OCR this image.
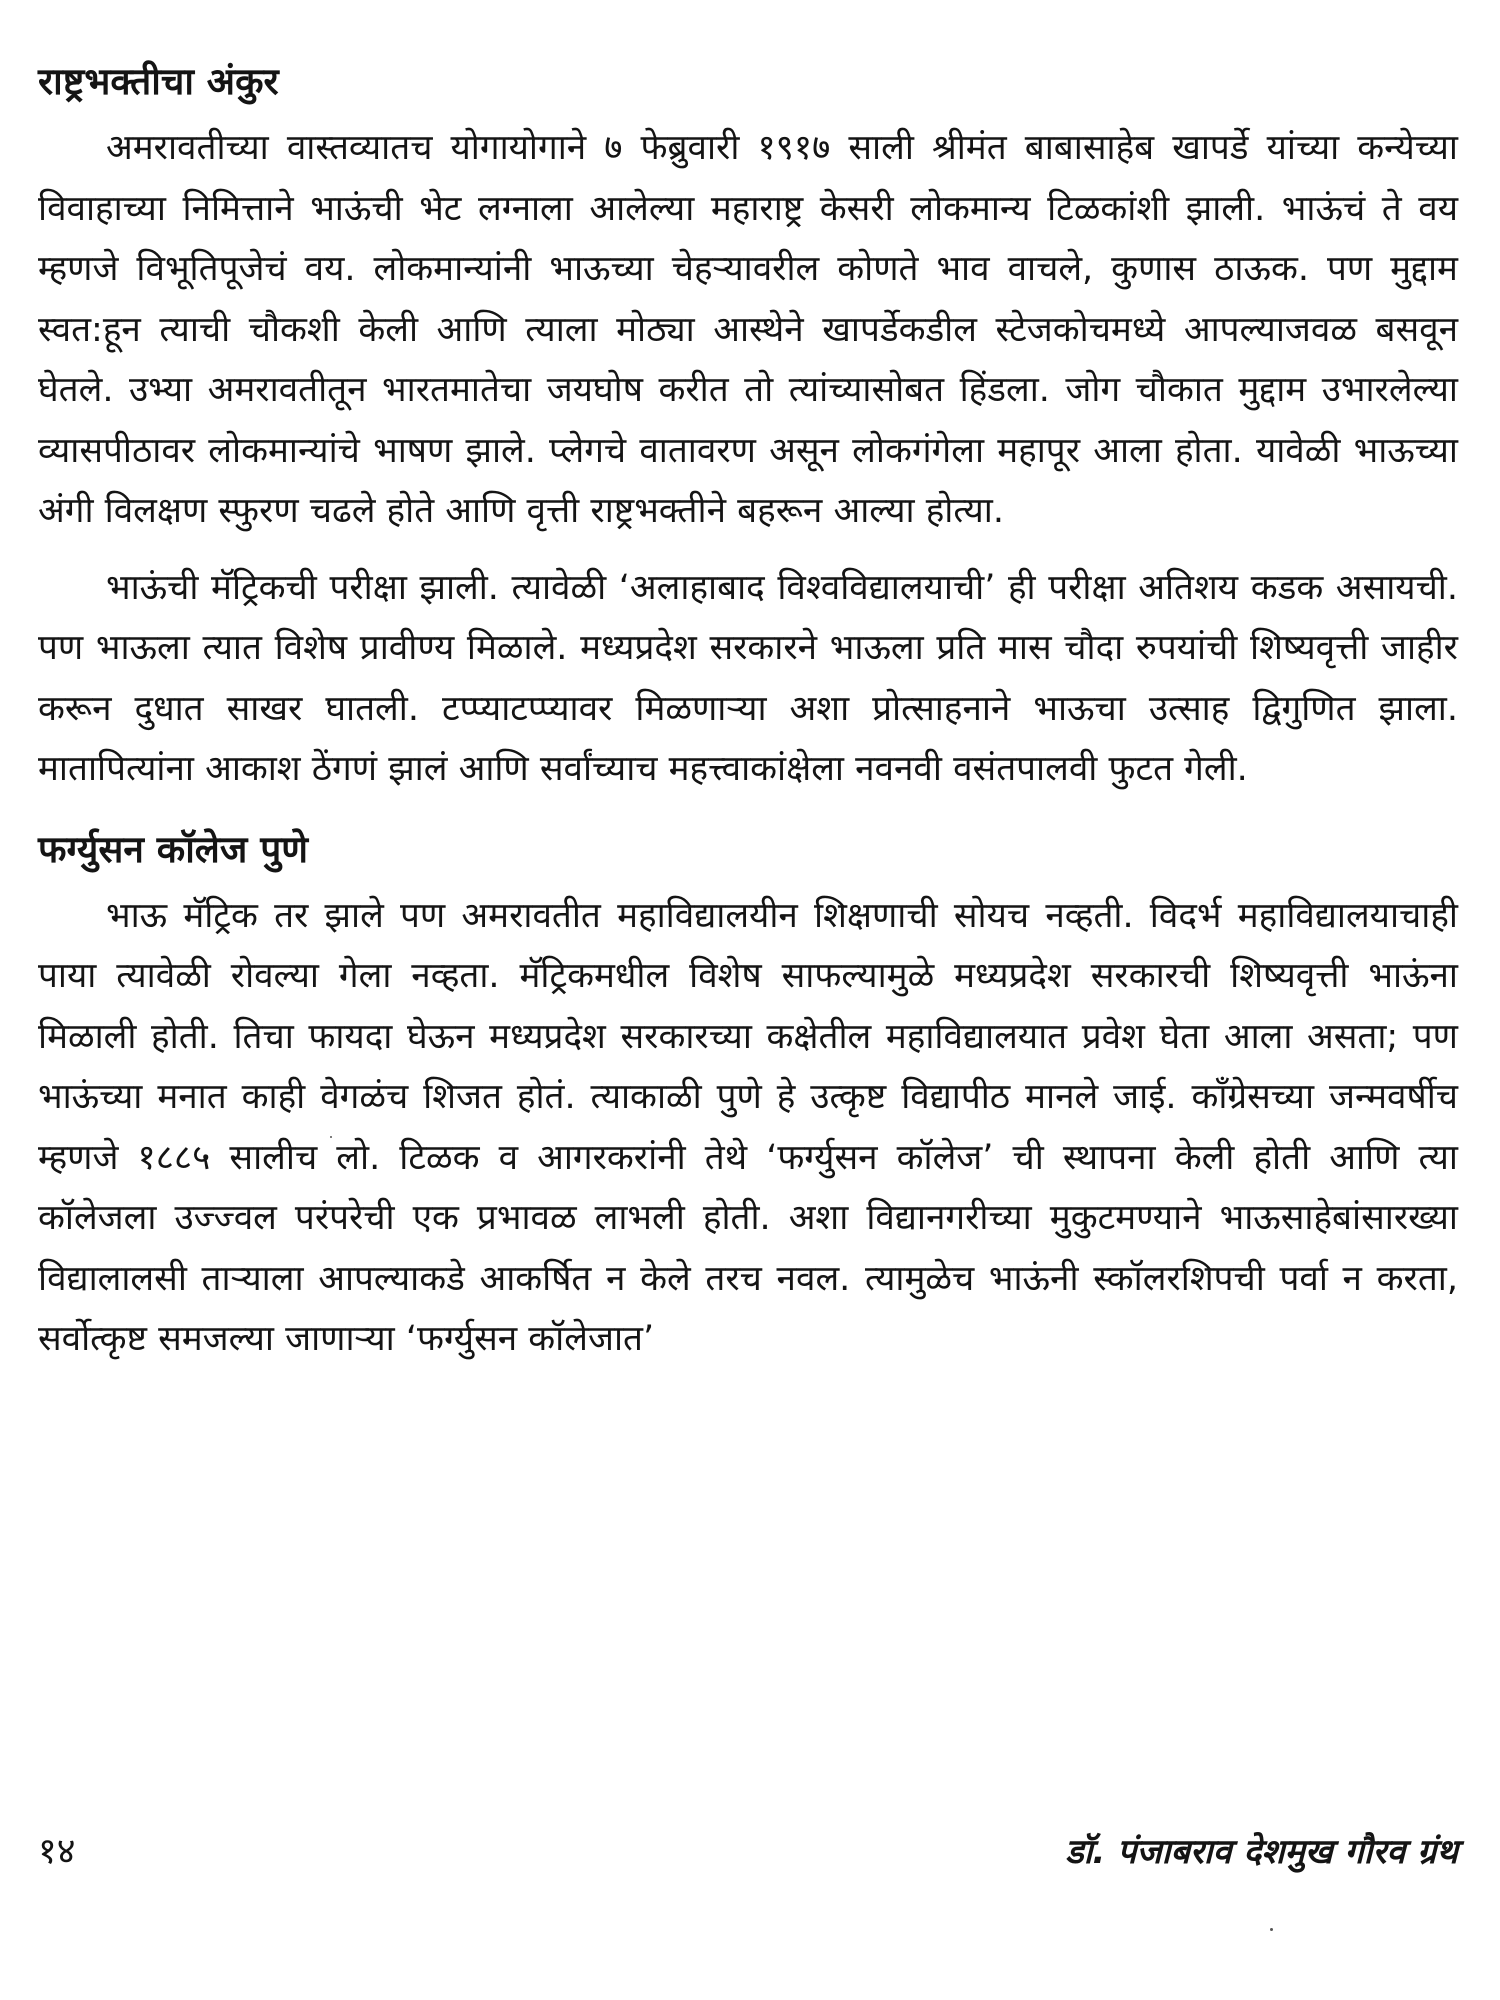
राष्ट्रभक्तीचा अंकुर

अमरावतीच्या वास्तव्यातच योगायोगाने ७ फेब्रुवारी १९१७ साली श्रीमंत बाबासाहेब खापर्डे यांच्या कन्येच्या विवाहाच्या निमित्ताने भाऊंची भेट लग्नाला आलेल्या महाराष्ट्र केसरी लोकमान्य टिळकांशी झाली. भाऊंचं ते वय म्हणजे विभूतिपूजेचं वय. लोकमान्यांनी भाऊच्या चेहऱ्यावरील कोणते भाव वाचले, कुणास ठाऊक. पण मुद्दाम स्वत:हून त्याची चौकशी केली आणि त्याला मोठ्या आस्थेने खापर्डेकडील स्टेजकोचमध्ये आपल्याजवळ बसवून घेतले. उभ्या अमरावतीतून भारतमातेचा जयघोष करीत तो त्यांच्यासोबत हिंडला. जोग चौकात मुद्दाम उभारलेल्या व्यासपीठावर लोकमान्यांचे भाषण झाले. प्लेगचे वातावरण असून लोकगंगेला महापूर आला होता. यावेळी भाऊच्या अंगी विलक्षण स्फुरण चढले होते आणि वृत्ती राष्ट्रभक्तीने बहरून आल्या होत्या.

भाऊंची मॅट्रिकची परीक्षा झाली. त्यावेळी ‘अलाहाबाद विश्वविद्यालयाची’ ही परीक्षा अतिशय कडक असायची. पण भाऊला त्यात विशेष प्रावीण्य मिळाले. मध्यप्रदेश सरकारने भाऊला प्रति मास चौदा रुपयांची शिष्यवृत्ती जाहीर करून दुधात साखर घातली. टप्प्याटप्प्यावर मिळणाऱ्या अशा प्रोत्साहनाने भाऊचा उत्साह द्विगुणित झाला. मातापित्यांना आकाश ठेंगणं झालं आणि सर्वांच्याच महत्त्वाकांक्षेला नवनवी वसंतपालवी फुटत गेली.

फर्ग्युसन कॉलेज पुणे

भाऊ मॅट्रिक तर झाले पण अमरावतीत महाविद्यालयीन शिक्षणाची सोयच नव्हती. विदर्भ महाविद्यालयाचाही पाया त्यावेळी रोवल्या गेला नव्हता. मॅट्रिकमधील विशेष साफल्यामुळे मध्यप्रदेश सरकारची शिष्यवृत्ती भाऊंना मिळाली होती. तिचा फायदा घेऊन मध्यप्रदेश सरकारच्या कक्षेतील महाविद्यालयात प्रवेश घेता आला असता; पण भाऊंच्या मनात काही वेगळंच शिजत होतं. त्याकाळी पुणे हे उत्कृष्ट विद्यापीठ मानले जाई. काँग्रेसच्या जन्मवर्षीच म्हणजे १८८५ सालीच लो. टिळक व आगरकरांनी तेथे ‘फर्ग्युसन कॉलेज’ ची स्थापना केली होती आणि त्या कॉलेजला उज्ज्वल परंपरेची एक प्रभावळ लाभली होती. अशा विद्यानगरीच्या मुकुटमण्याने भाऊसाहेबांसारख्या विद्यालालसी ताऱ्याला आपल्याकडे आकर्षित न केले तरच नवल. त्यामुळेच भाऊंनी स्कॉलरशिपची पर्वा न करता, सर्वोत्कृष्ट समजल्या जाणाऱ्या ‘फर्ग्युसन कॉलेजात’

१४	डॉ. पंजाबराव देशमुख गौरव ग्रंथ
